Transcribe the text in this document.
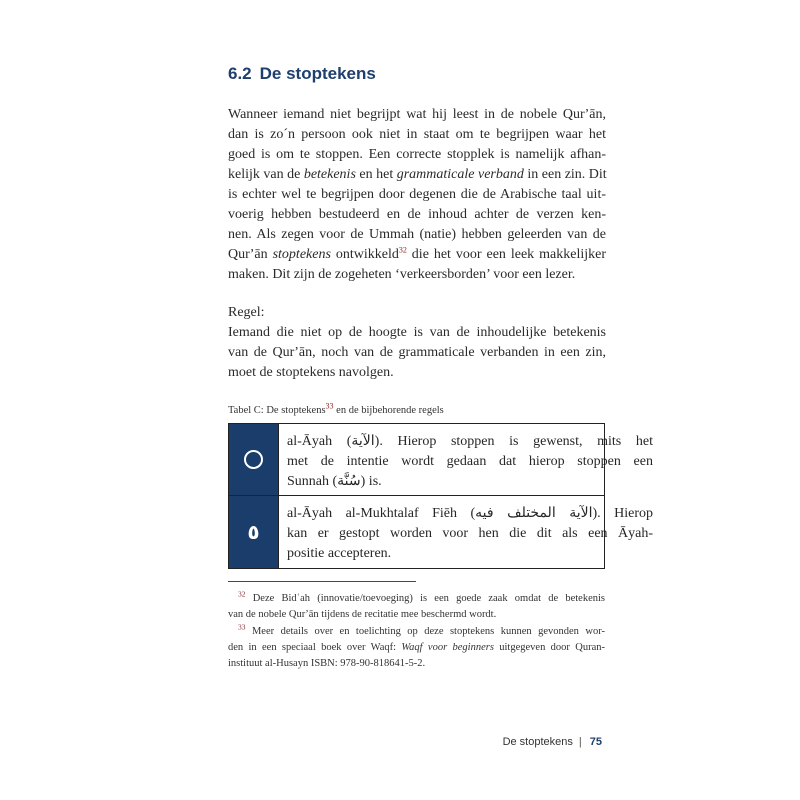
6.2 De stoptekens

Wanneer iemand niet begrijpt wat hij leest in de nobele Qurʼān,
dan is zo´n persoon ook niet in staat om te begrijpen waar het
goed is om te stoppen. Een correcte stopplek is namelijk afhan-
kelijk van de betekenis en het grammaticale verband in een zin. Dit
is echter wel te begrijpen door degenen die de Arabische taal uit-
voerig hebben bestudeerd en de inhoud achter de verzen ken-
nen. Als zegen voor de Ummah (natie) hebben geleerden van de
Qurʼān stoptekens ontwikkeld$^{32}$ die het voor een leek makkelijker
maken. Dit zijn de zogeheten ‘verkeersborden’ voor een lezer.

Regel:

Iemand die niet op de hoogte is van de inhoudelijke betekenis
van de Qurʼān, noch van de grammaticale verbanden in een zin,
moet de stoptekens navolgen.

Tabel C: De stoptekens$^{33}$ en de bijbehorende regels

al-Āyah (الآية). Hierop stoppen is gewenst, mits het
met de intentie wordt gedaan dat hierop stoppen een
Sunnah (سُنَّة) is.
٥
al-Āyah al-Mukhtalaf Fiēh (الآية المختلف فيه). Hierop
kan er gestopt worden voor hen die dit als een Āyah-
positie accepteren.

$^{32}$ Deze Bidʿah (innovatie/toevoeging) is een goede zaak omdat de betekenis
van de nobele Qurʼān tijdens de recitatie mee beschermd wordt.

$^{33}$ Meer details over en toelichting op deze stoptekens kunnen gevonden wor-
den in een speciaal boek over Waqf: Waqf voor beginners uitgegeven door Quran-
instituut al-Husayn ISBN: 978-90-818641-5-2.

De stoptekens | 75
